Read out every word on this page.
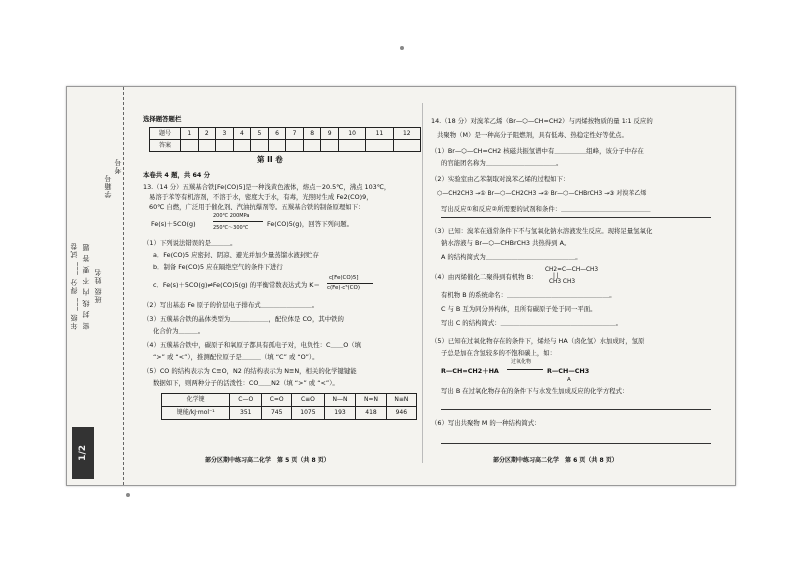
年级 ___ 得分 ___ 试卷 密 封 线 内 不 要 答 题 班级 姓名
学籍号
考号
1/2
选择题答题栏
题号	1	2	3	4	5	6	7	8	9	10	11	12
答案												
第 II 卷
本卷共 4 题，共 64 分
13.（14 分）五羰基合铁[Fe(CO)5]是一种浅黄色液体，熔点－20.5℃，沸点 103℃，
易溶于苯等有机溶剂，不溶于水，密度大于水，有毒，光照时生成 Fe2(CO)9，
60℃ 自燃，广泛用于催化剂、汽油抗爆剂等。五羰基合铁的制备原理如下：
Fe(s)＋5CO(g)
200℃ 200MPa
250℃～300℃	Fe(CO)5(g)，回答下列问题。
（1）下列说法错误的是＿＿＿。
a．Fe(CO)5 应密封、阴凉、避光并加少量蒸馏水液封贮存
b．制备 Fe(CO)5 应在隔绝空气的条件下进行
c．Fe(s)＋5CO(g)⇌Fe(CO)5(g) 的平衡常数表达式为 K＝
c[Fe(CO)5]
c(Fe)·c⁵(CO)
（2）写出基态 Fe 原子的价层电子排布式＿＿＿＿＿＿＿＿。
（3）五羰基合铁的晶体类型为＿＿＿＿＿＿，配位体是 CO，其中铁的
化合价为＿＿＿。
（4）五羰基合铁中，碳原子和氧原子都具有孤电子对，电负性：C＿＿O（填
“>” 或 “<”），推测配位原子是＿＿＿（填 “C” 或 “O”）。
（5）CO 的结构表示为 C≡O，N2 的结构表示为 N≡N，相关的化学键键能
数据如下，则两种分子的活泼性：CO＿＿N2（填 “>” 或 “<”）。
化学键	C—O	C=O	C≡O	N—N	N=N	N≡N
键能/kJ·mol⁻¹	351	745	1075	193	418	946
部分区期中练习高二化学　第 5 页（共 8 页）
14.（18 分）对溴苯乙烯（Br—⬡—CH=CH2）与丙烯按物质的量 1∶1 反应的
共聚物（M）是一种高分子阻燃剂，具有低毒、热稳定性好等优点。
（1）Br—⬡—CH=CH2 核磁共振氢谱中有＿＿＿＿＿组峰，该分子中存在
的官能团名称为＿＿＿＿＿＿＿＿＿＿＿。
（2）实验室由乙苯制取对溴苯乙烯的过程如下：
⬡—CH2CH3 →① Br—⬡—CH2CH3 →② Br—⬡—CHBrCH3 →③ 对溴苯乙烯
写出反应①和反应②所需要的试剂和条件：＿＿＿＿＿＿＿＿＿＿＿＿＿＿
（3）已知：溴苯在通常条件下不与氢氧化钠水溶液发生反应。现将足量氢氧化
钠水溶液与 Br—⬡—CHBrCH3 共热得到 A。
A 的结构简式为＿＿＿＿＿＿＿＿＿＿＿＿＿＿。
CH2=C—CH—CH3
| |
CH3 CH3
（4）由丙烯催化二聚得到有机物 B：
有机物 B 的系统命名：＿＿＿＿＿＿＿＿＿＿＿＿＿＿＿＿。
C 与 B 互为同分异构体，且所有碳原子处于同一平面。
写出 C 的结构简式：＿＿＿＿＿＿＿＿＿＿＿＿＿＿＿＿＿＿。
（5）已知在过氧化物存在的条件下，烯烃与 HA（卤化氢）水加成时，氢原
子总是加在含氢较多的不饱和碳上，如：
R—CH=CH2＋HA
过氧化物
R—CH—CH3
A
写出 B 在过氧化物存在的条件下与水发生加成反应的化学方程式：
（6）写出共聚物 M 的一种结构简式：
部分区期中练习高二化学　第 6 页（共 8 页）
